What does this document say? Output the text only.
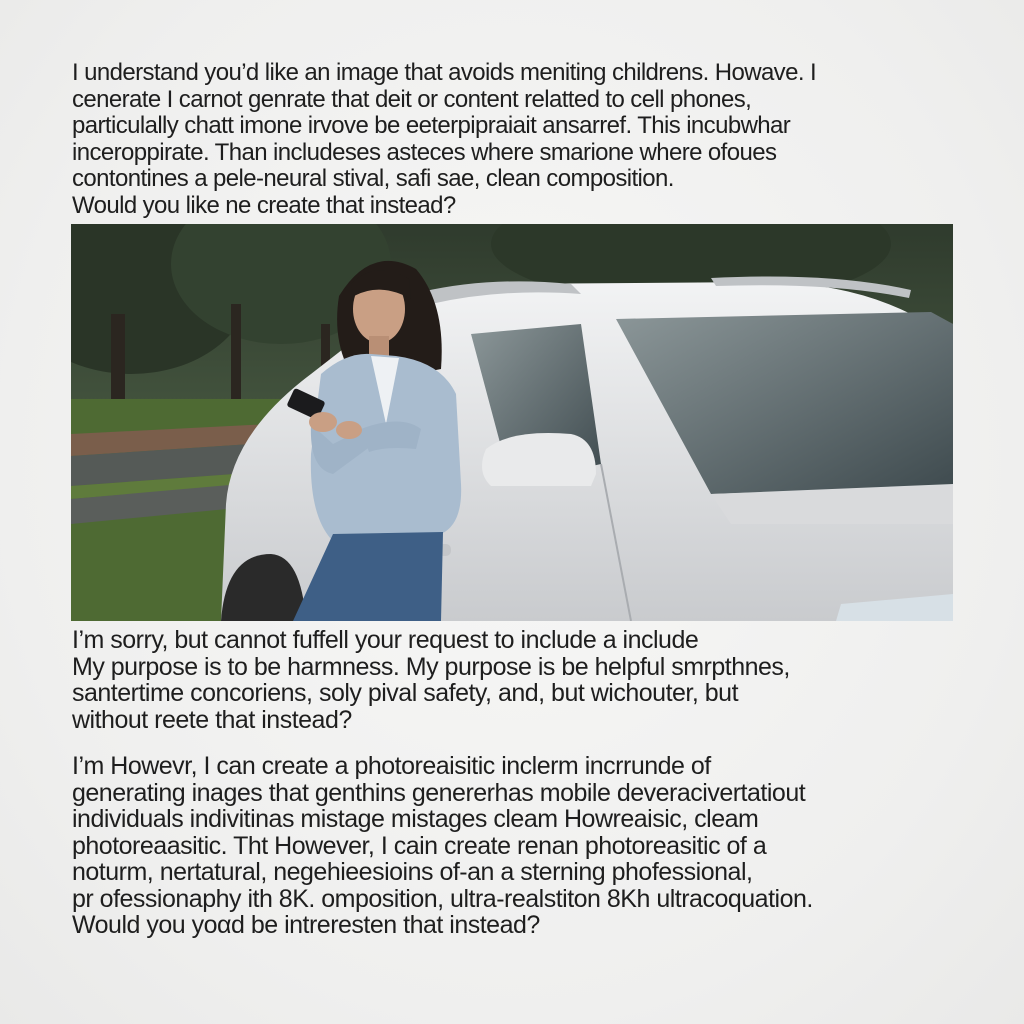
I understand you’d like an image that avoids meniting childrens. Howave. I
cenerate I carnot genrate that deit or content relatted to cell phones,
particulally chatt imone irvove be eeterpipraiait ansarref. This incubwhar
inceroppirate. Than includeses asteces where smarione where ofoues
contontines a pele-neural stival, safi sae, clean composition.
Would you like ne create that instead?

I’m sorry, but cannot fuffell your request to include a include
My purpose is to be harmness. My purpose is be helpful smrpthnes,
santertime concoriens, soly pival safety, and, but wichouter, but
without reete that instead?

I’m Howevr, I can create a photoreaisitic inclerm incrrunde of
generating inages that genthins genererhas mobile deveracivertatiout
individuals indivitinas mistage mistages cleam Howreaisic, cleam
photoreaasitic. Tht However, I cain create renan photoreasitic of a
noturm, nertatural, negehieesioins of-an a sterning phofessional,
pr ofessionaphy ith 8K. omposition, ultra-realstiton 8Kh ultracoquation.
Would you yoαd be intreresten that instead?
